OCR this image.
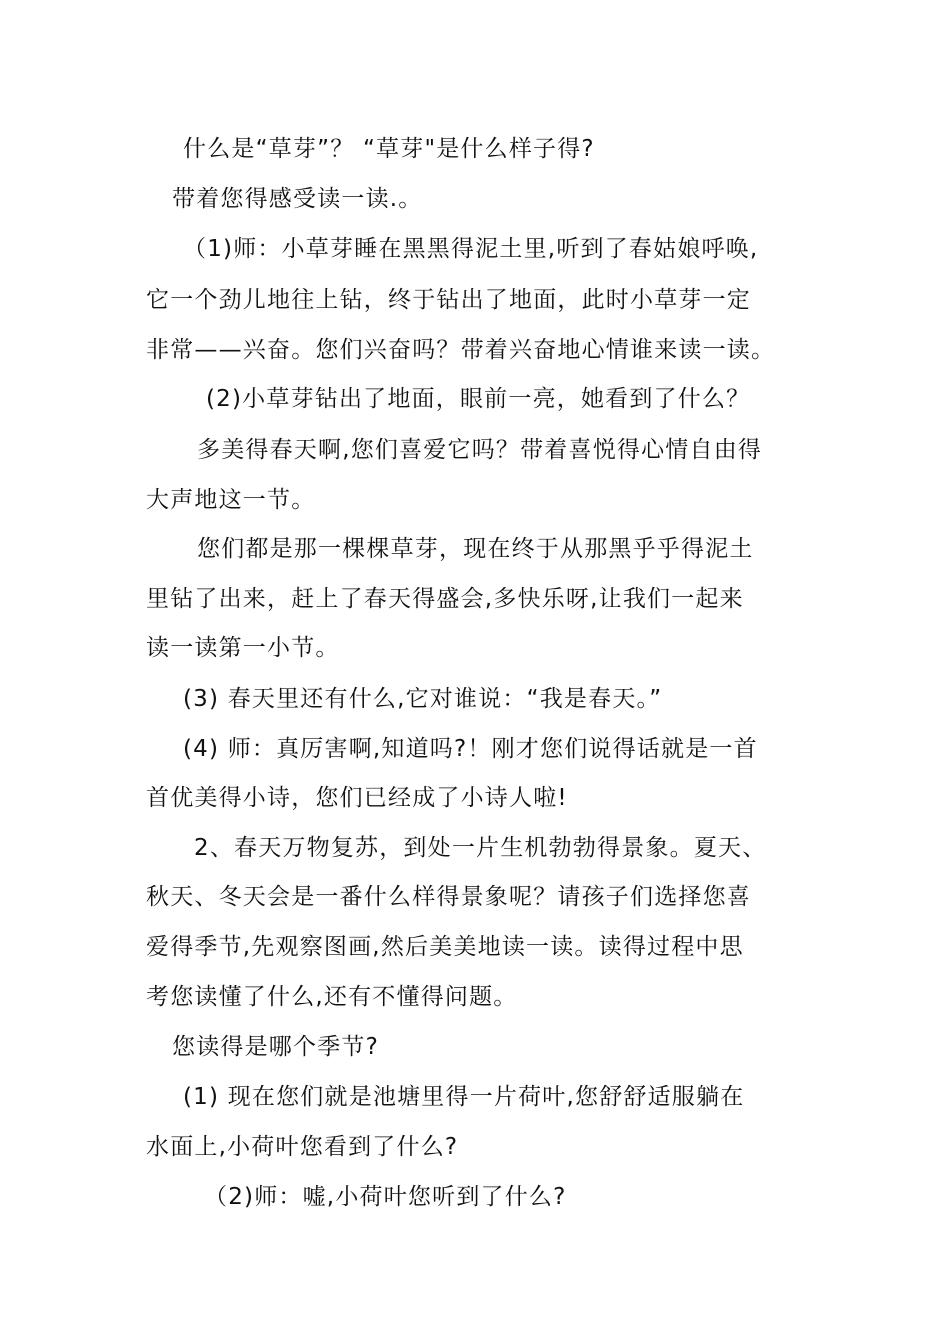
什么是“草芽”？ “草芽"是什么样子得?

带着您得感受读一读.。

（1)师：小草芽睡在黑黑得泥土里,听到了春姑娘呼唤,

它一个劲儿地往上钻，终于钻出了地面，此时小草芽一定

非常——兴奋。您们兴奋吗？带着兴奋地心情谁来读一读。

(2)小草芽钻出了地面，眼前一亮，她看到了什么？

多美得春天啊,您们喜爱它吗？带着喜悦得心情自由得

大声地这一节。

您们都是那一棵棵草芽，现在终于从那黑乎乎得泥土

里钻了出来，赶上了春天得盛会,多快乐呀,让我们一起来

读一读第一小节。

(3) 春天里还有什么,它对谁说：“我是春天。”

(4) 师：真厉害啊,知道吗?！刚才您们说得话就是一首

首优美得小诗，您们已经成了小诗人啦!

2、春天万物复苏，到处一片生机勃勃得景象。夏天、

秋天、冬天会是一番什么样得景象呢？请孩子们选择您喜

爱得季节,先观察图画,然后美美地读一读。读得过程中思

考您读懂了什么,还有不懂得问题。

您读得是哪个季节?

(1) 现在您们就是池塘里得一片荷叶,您舒舒适服躺在

水面上,小荷叶您看到了什么?

（2)师：嘘,小荷叶您听到了什么?
